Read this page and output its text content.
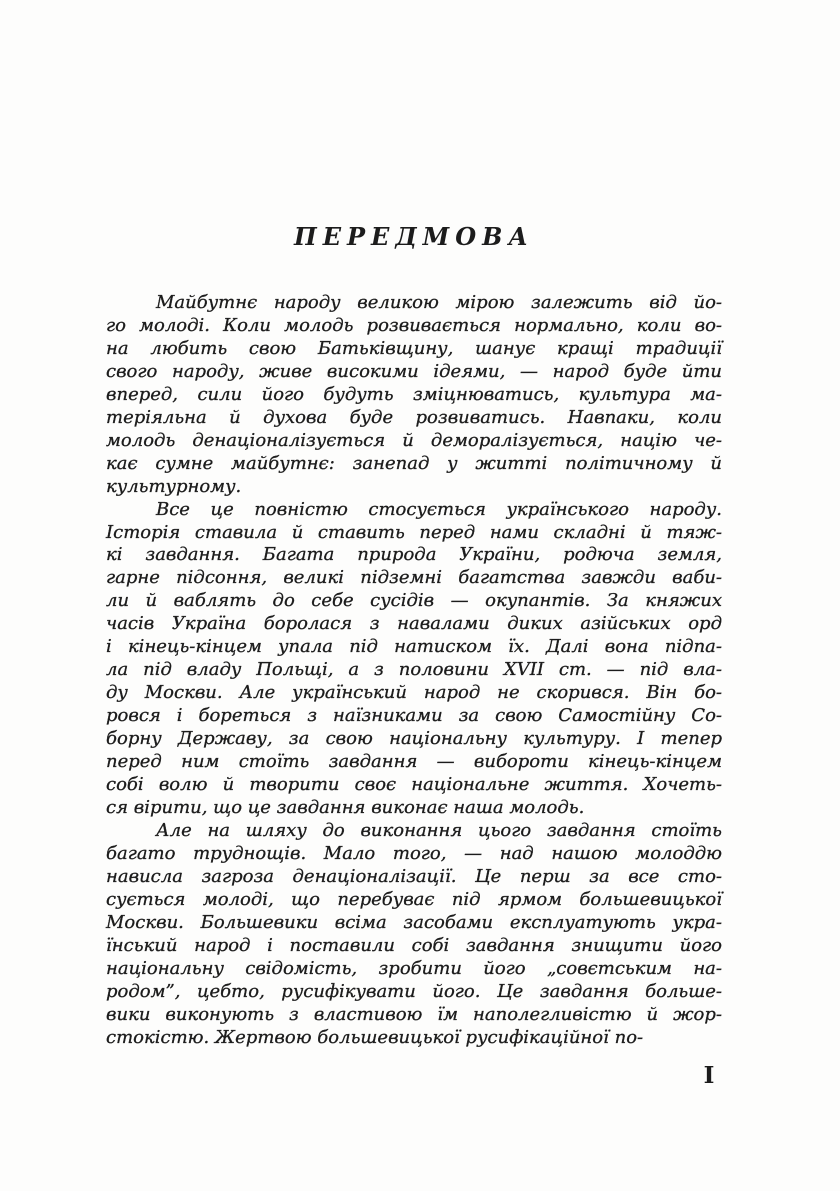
ПЕРЕДМОВА
Майбутнє народу великою мірою залежить від йо-
го молоді. Коли молодь розвивається нормально, коли во-
на любить свою Батьківщину, шанує кращі традиції
свого народу, живе високими ідеями, — народ буде йти
вперед, сили його будуть зміцнюватись, культура ма-
теріяльна й духова буде розвиватись. Навпаки, коли
молодь денаціоналізується й деморалізується, націю че-
кає сумне майбутнє: занепад у житті політичному й
культурному.
Все це повністю стосується українського народу.
Історія ставила й ставить перед нами складні й тяж-
кі завдання. Багата природа України, родюча земля,
гарне підсоння, великі підземні багатства завжди ваби-
ли й ваблять до себе сусідів — окупантів. За княжих
часів Україна боролася з навалами диких азійських орд
і кінець-кінцем упала під натиском їх. Далі вона підпа-
ла під владу Польщі, а з половини XVII ст. — під вла-
ду Москви. Але український народ не скорився. Він бо-
ровся і бореться з наїзниками за свою Самостійну Со-
борну Державу, за свою національну культуру. І тепер
перед ним стоїть завдання — вибороти кінець-кінцем
собі волю й творити своє національне життя. Хочеть-
ся вірити, що це завдання виконає наша молодь.
Але на шляху до виконання цього завдання стоїть
багато труднощів. Мало того, — над нашою молоддю
нависла загроза денаціоналізації. Це перш за все сто-
сується молоді, що перебуває під ярмом большевицької
Москви. Большевики всіма засобами експлуатують укра-
їнський народ і поставили собі завдання знищити його
національну свідомість, зробити його „совєтським на-
родом”, цебто, русифікувати його. Це завдання больше-
вики виконують з властивою їм наполегливістю й жор-
стокістю. Жертвою большевицької русифікаційної по-
I
